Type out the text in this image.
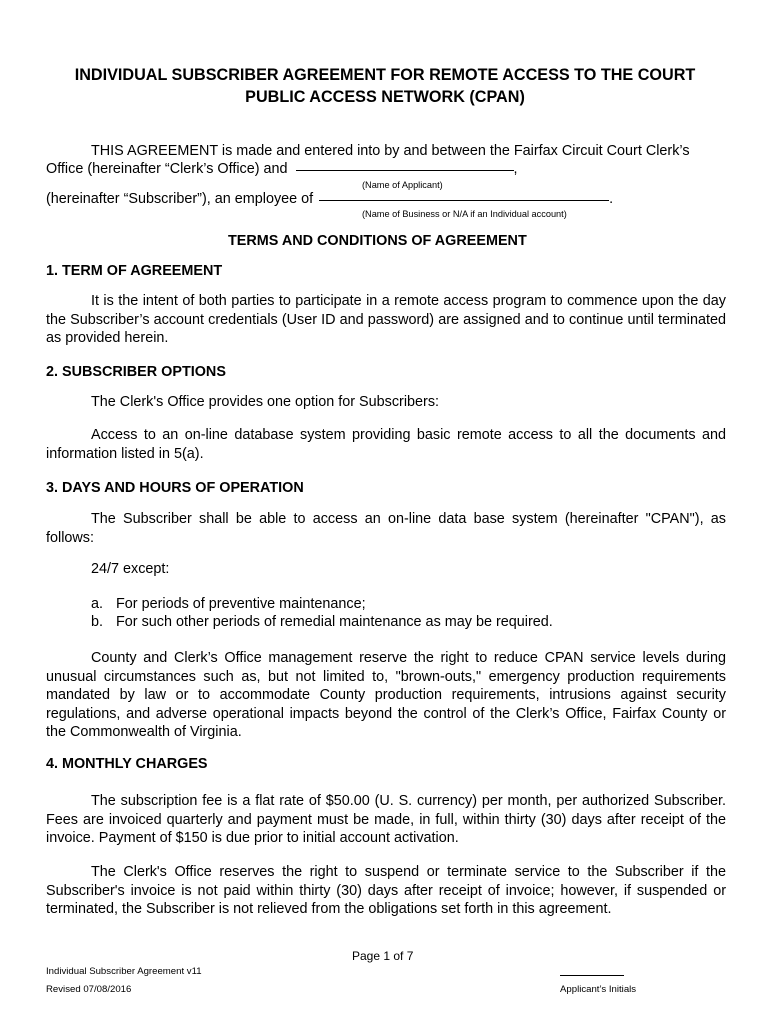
INDIVIDUAL SUBSCRIBER AGREEMENT FOR REMOTE ACCESS TO THE COURT
PUBLIC ACCESS NETWORK (CPAN)
THIS AGREEMENT is made and entered into by and between the Fairfax Circuit Court Clerk’s
Office (hereinafter “Clerk’s Office) and	,
(Name of Applicant)
(hereinafter “Subscriber”), an employee of	.
(Name of Business or N/A if an Individual account)
TERMS AND CONDITIONS OF AGREEMENT
1. TERM OF AGREEMENT
It is the intent of both parties to participate in a remote access program to commence upon the day the Subscriber’s account credentials (User ID and password) are assigned and to continue until terminated as provided herein.
2. SUBSCRIBER OPTIONS
The Clerk's Office provides one option for Subscribers:
Access to an on-line database system providing basic remote access to all the documents and information listed in 5(a).
3. DAYS AND HOURS OF OPERATION
The Subscriber shall be able to access an on-line data base system (hereinafter "CPAN"), as follows:
24/7 except:
a. For periods of preventive maintenance;
b. For such other periods of remedial maintenance as may be required.
County and Clerk’s Office management reserve the right to reduce CPAN service levels during unusual circumstances such as, but not limited to, "brown-outs," emergency production requirements mandated by law or to accommodate County production requirements, intrusions against security regulations, and adverse operational impacts beyond the control of the Clerk’s Office, Fairfax County or the Commonwealth of Virginia.
4. MONTHLY CHARGES
The subscription fee is a flat rate of $50.00 (U. S. currency) per month, per authorized Subscriber. Fees are invoiced quarterly and payment must be made, in full, within thirty (30) days after receipt of the invoice. Payment of $150 is due prior to initial account activation.
The Clerk's Office reserves the right to suspend or terminate service to the Subscriber if the Subscriber's invoice is not paid within thirty (30) days after receipt of invoice; however, if suspended or terminated, the Subscriber is not relieved from the obligations set forth in this agreement.
Page 1 of 7
Individual Subscriber Agreement v11
Revised 07/08/2016	Applicant’s Initials
